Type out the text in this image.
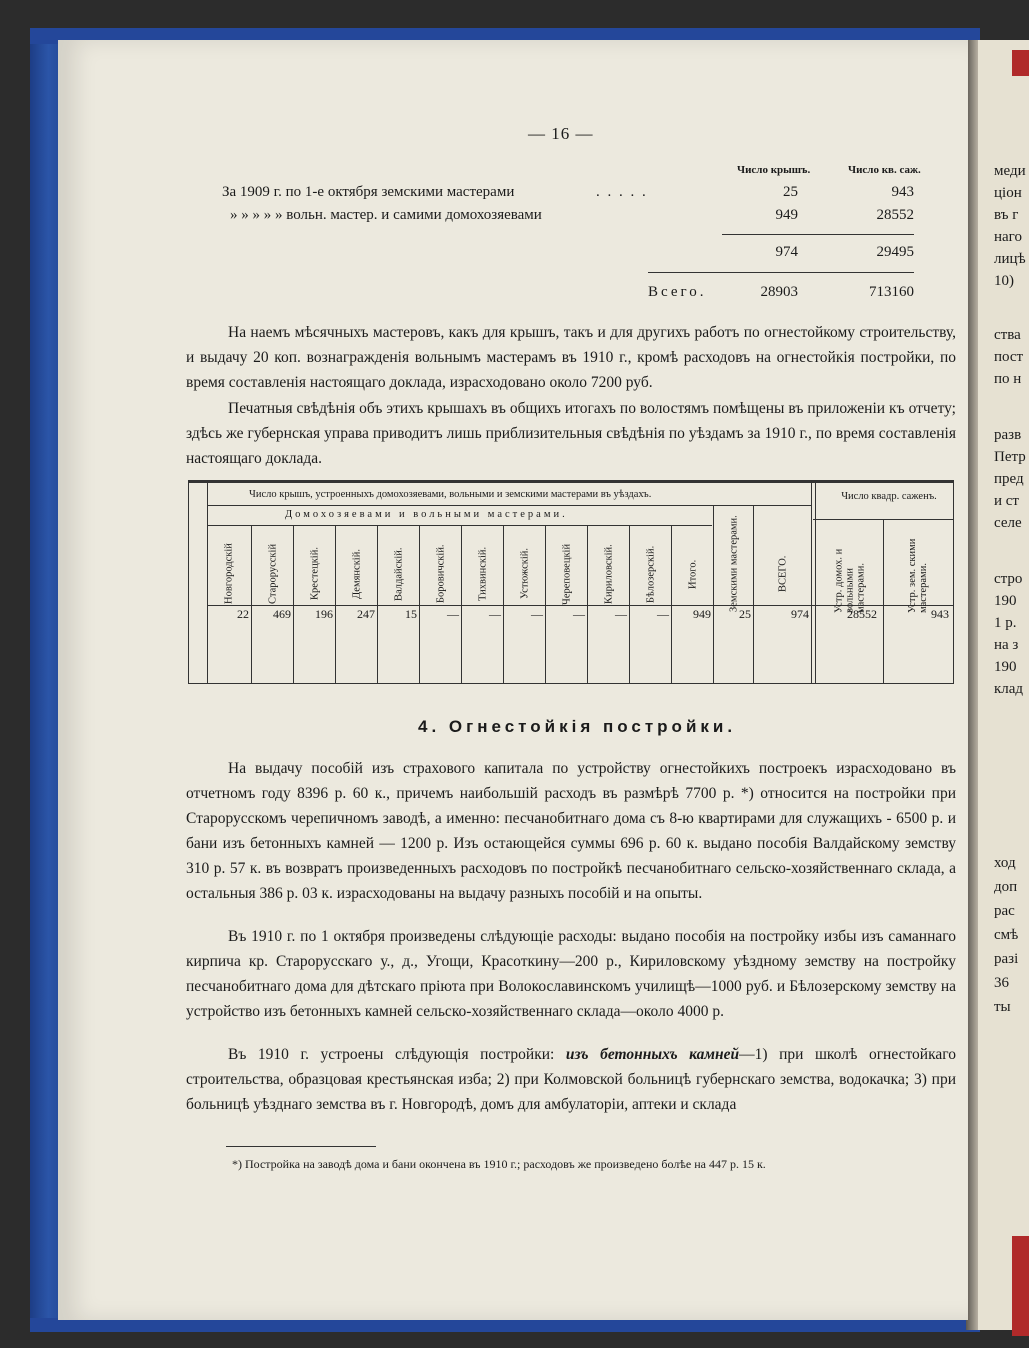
— 16 —
Число крышъ.	Число кв. саж.
За 1909 г. по 1-е октября земскими мастерами	. . . . .	25	943
» » » » » вольн. мастер. и самими домохозяевами	949	28552
974	29495
Всего.	28903	713160
На наемъ мѣсячныхъ мастеровъ, какъ для крышъ, такъ и для другихъ работъ по огнестойкому строительству, и выдачу 20 коп. вознагражденія вольнымъ мастерамъ въ 1910 г., кромѣ расходовъ на огнестойкія постройки, по время составленія настоящаго доклада, израсходовано около 7200 руб.
Печатныя свѣдѣнія объ этихъ крышахъ въ общихъ итогахъ по волостямъ помѣщены въ приложеніи къ отчету; здѣсь же губернская управа приводитъ лишь приблизительныя свѣдѣнія по уѣздамъ за 1910 г., по время составленія настоящаго доклада.
Число крышъ, устроенныхъ домохозяевами, вольными и земскими мастерами въ уѣздахъ.
Домохозяевами и вольными мастерами.
Число квадр. саженъ.
Новгородскій	Старорусскій	Крестецкій.	Демянскій.	Валдайскій.	Боровичскій.	Тихвинскій.	Устюжскій.	Череповецкій	Кириловскій.	Бѣлозерскій.	Итого.	Земскими мастерами.	ВСЕГО.	Устр. домох. и вольными мастерами.	Устр. зем. скими мастерами.
22	469	196	247	15	—	—	—	—	—	—	949	25	974	28552	943
4. Огнестойкія постройки.
На выдачу пособій изъ страхового капитала по устройству огнестойкихъ построекъ израсходовано въ отчетномъ году 8396 р. 60 к., причемъ наибольшій расходъ въ размѣрѣ 7700 р. *) относится на постройки при Старорусскомъ черепичномъ заводѣ, а именно: песчанобитнаго дома съ 8-ю квартирами для служащихъ - 6500 р. и бани изъ бетонныхъ камней — 1200 р. Изъ остающейся суммы 696 р. 60 к. выдано пособія Валдайскому земству 310 р. 57 к. въ возвратъ произведенныхъ расходовъ по постройкѣ песчанобитнаго сельско-хозяйственнаго склада, а остальныя 386 р. 03 к. израсходованы на выдачу разныхъ пособій и на опыты.
Въ 1910 г. по 1 октября произведены слѣдующіе расходы: выдано пособія на постройку избы изъ саманнаго кирпича кр. Старорусскаго у., д., Угощи, Красоткину—200 р., Кириловскому уѣздному земству на постройку песчанобитнаго дома для дѣтскаго пріюта при Волокославинскомъ училищѣ—1000 руб. и Бѣлозерскому земству на устройство изъ бетонныхъ камней сельско-хозяйственнаго склада—около 4000 р.
Въ 1910 г. устроены слѣдующія постройки: изъ бетонныхъ камней—1) при школѣ огнестойкаго строительства, образцовая крестьянская изба; 2) при Колмовской больницѣ губернскаго земства, водокачка; 3) при больницѣ уѣзднаго земства въ г. Новгородѣ, домъ для амбулаторіи, аптеки и склада
*) Постройка на заводѣ дома и бани окончена въ 1910 г.; расходовъ же произведено болѣе на 447 р. 15 к.
меди
ціон
въ г
наго
лицѣ
10)
ства
пост
по н
разв
Петр
пред
и ст
селе
стро
190
1 р.
на з
190
клад
ход
доп
рас
смѣ
разі
36
ты
